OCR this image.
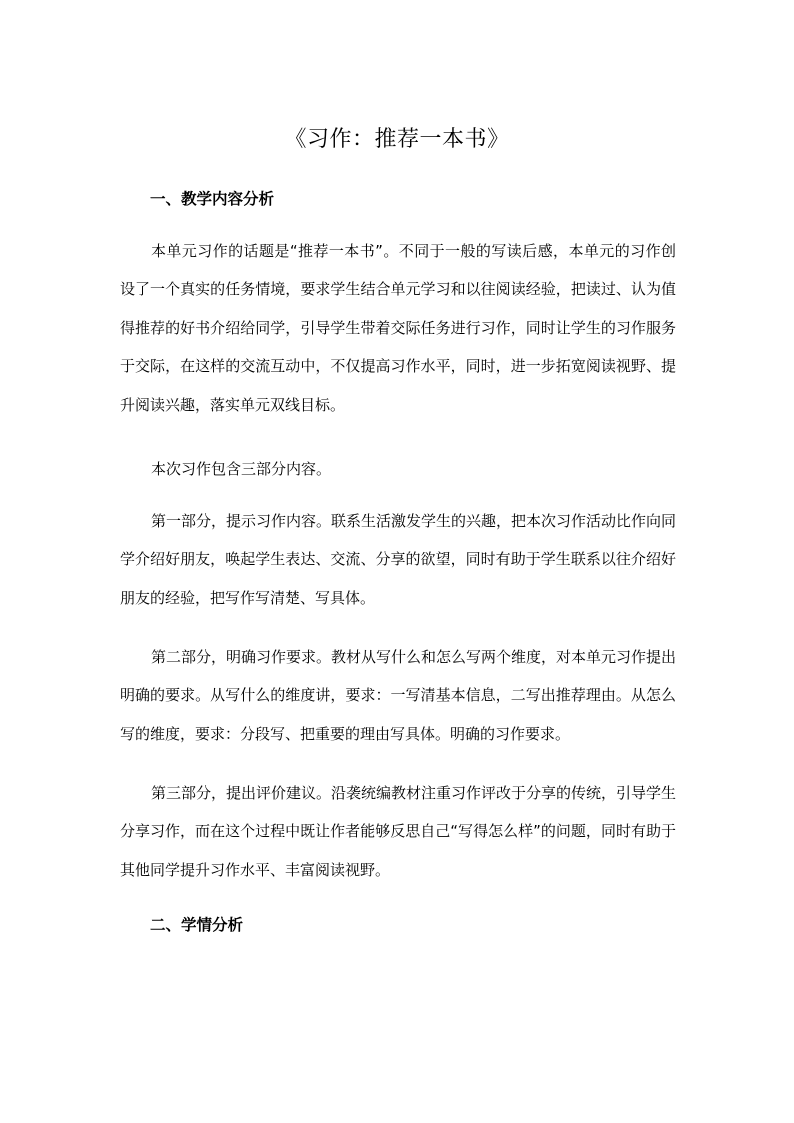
《习作：推荐一本书》
一、教学内容分析

本单元习作的话题是“推荐一本书”。不同于一般的写读后感，本单元的习作创设了一个真实的任务情境，要求学生结合单元学习和以往阅读经验，把读过、认为值得推荐的好书介绍给同学，引导学生带着交际任务进行习作，同时让学生的习作服务于交际，在这样的交流互动中，不仅提高习作水平，同时，进一步拓宽阅读视野、提升阅读兴趣，落实单元双线目标。

本次习作包含三部分内容。

第一部分，提示习作内容。联系生活激发学生的兴趣，把本次习作活动比作向同学介绍好朋友，唤起学生表达、交流、分享的欲望，同时有助于学生联系以往介绍好朋友的经验，把写作写清楚、写具体。

第二部分，明确习作要求。教材从写什么和怎么写两个维度，对本单元习作提出明确的要求。从写什么的维度讲，要求：一写清基本信息，二写出推荐理由。从怎么写的维度，要求：分段写、把重要的理由写具体。明确的习作要求。

第三部分，提出评价建议。沿袭统编教材注重习作评改于分享的传统，引导学生分享习作，而在这个过程中既让作者能够反思自己“写得怎么样”的问题，同时有助于其他同学提升习作水平、丰富阅读视野。

二、学情分析
